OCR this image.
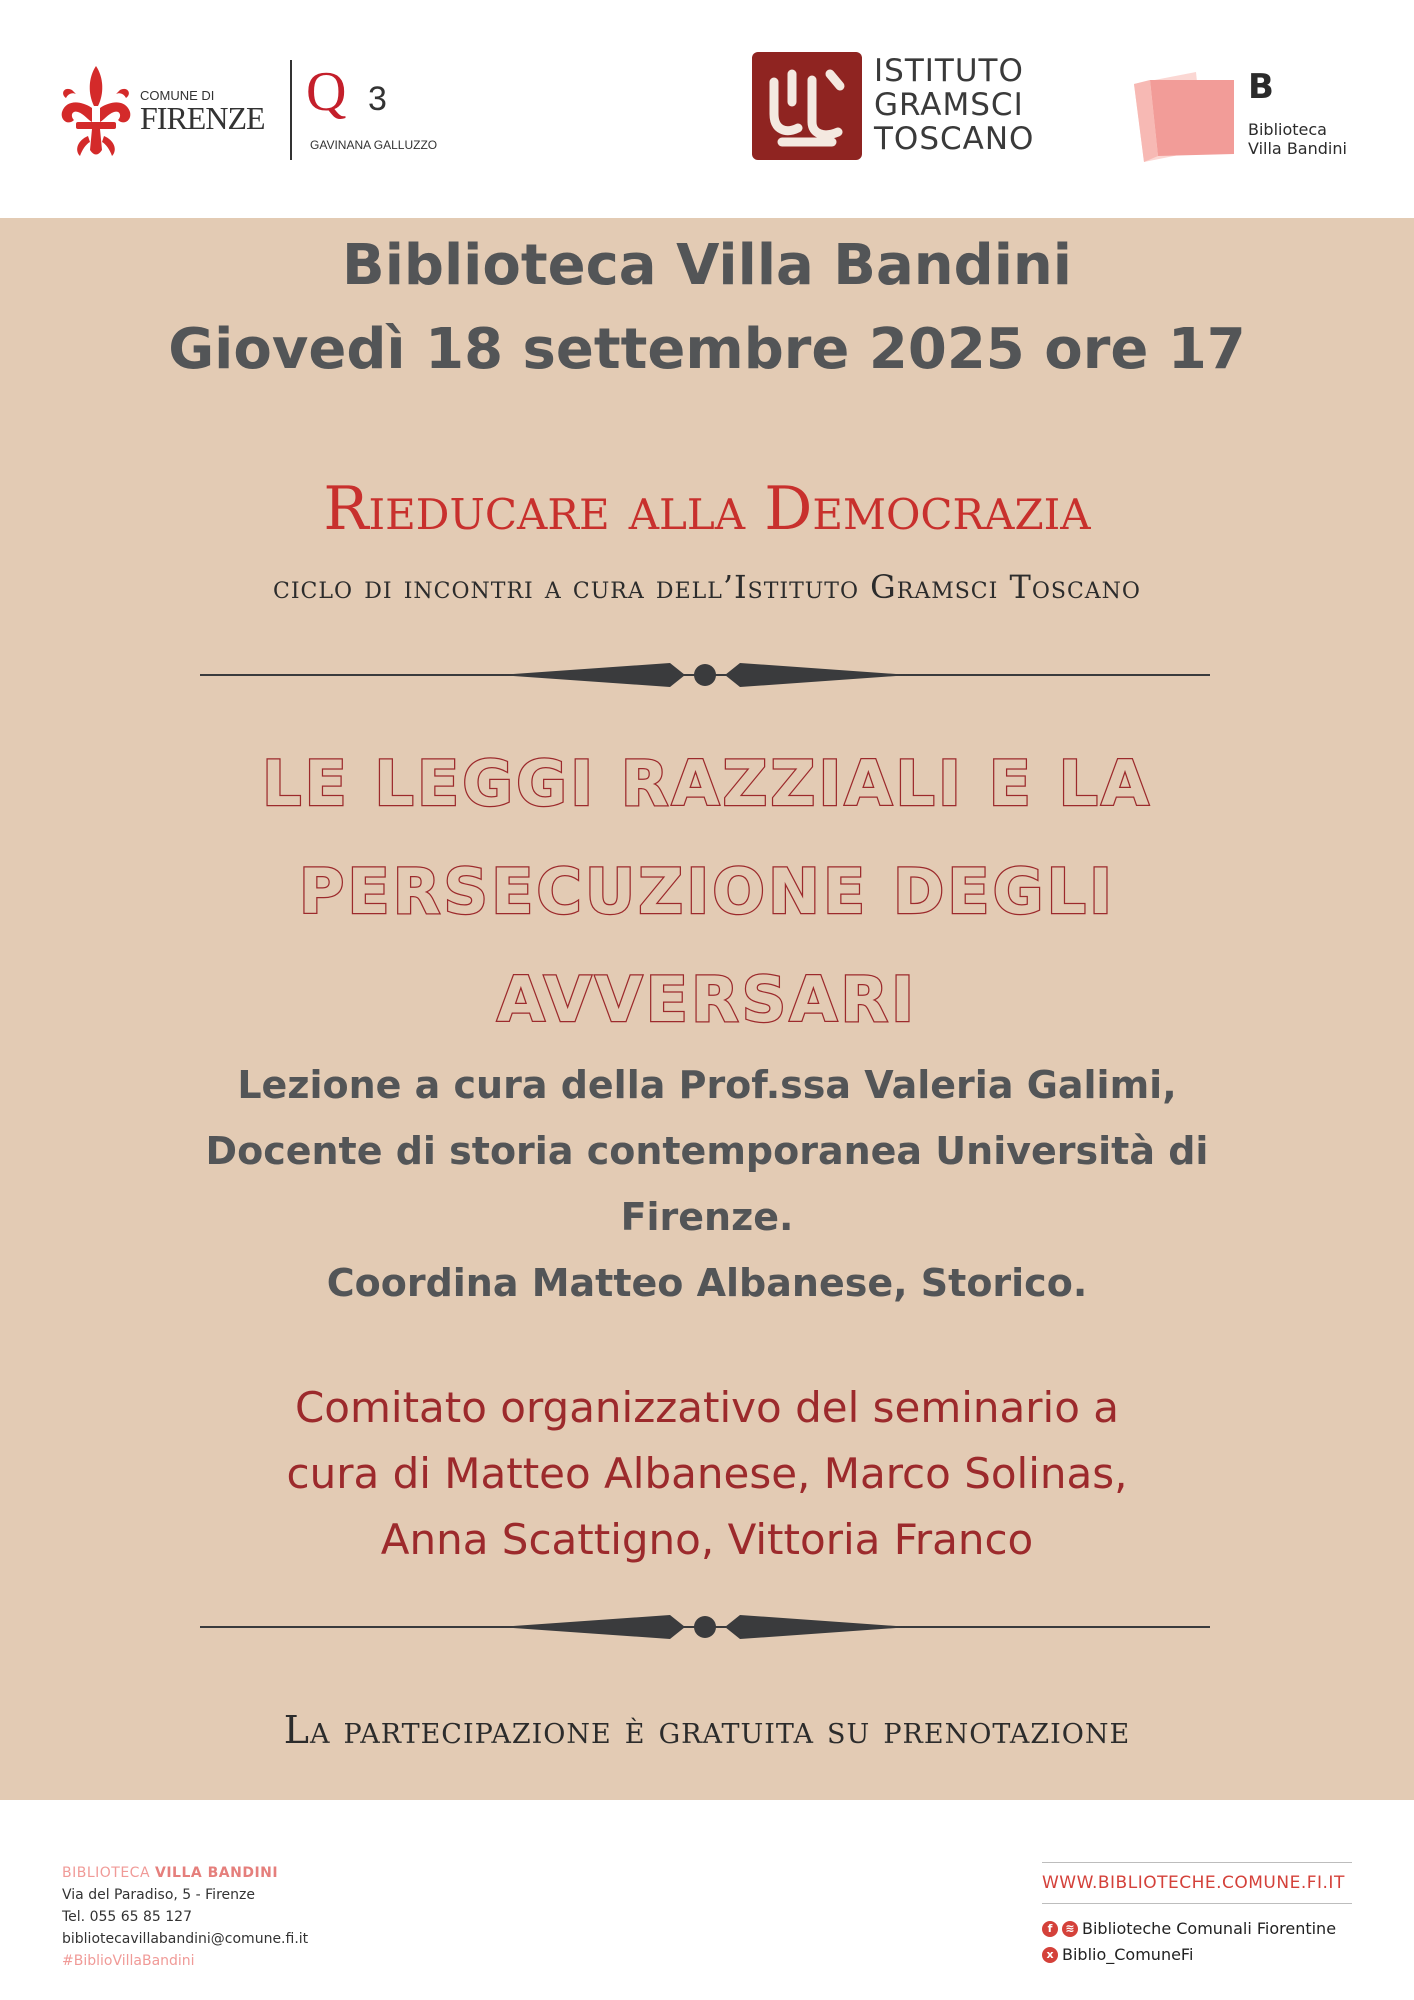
COMUNE DI
FIRENZE Q 3
GAVINANA GALLUZZO
ISTITUTO
GRAMSCI
TOSCANO
B
Biblioteca
Villa Bandini
Biblioteca Villa Bandini
Giovedì 18 settembre 2025 ore 17
Rieducare alla Democrazia
ciclo di incontri a cura dell’Istituto Gramsci Toscano
LE LEGGI RAZZIALI E LA
PERSECUZIONE DEGLI
AVVERSARI
Lezione a cura della Prof.ssa Valeria Galimi,
Docente di storia contemporanea Università di
Firenze.
Coordina Matteo Albanese, Storico.
Comitato organizzativo del seminario a
cura di Matteo Albanese, Marco Solinas,
Anna Scattigno, Vittoria Franco
La partecipazione è gratuita su prenotazione
BIBLIOTECA VILLA BANDINI
Via del Paradiso, 5 - Firenze
Tel. 055 65 85 127
bibliotecavillabandini@comune.fi.it
#BiblioVillaBandini
WWW.BIBLIOTECHE.COMUNE.FI.IT
f	≋ Biblioteche Comunali Fiorentine
x Biblio_ComuneFi
